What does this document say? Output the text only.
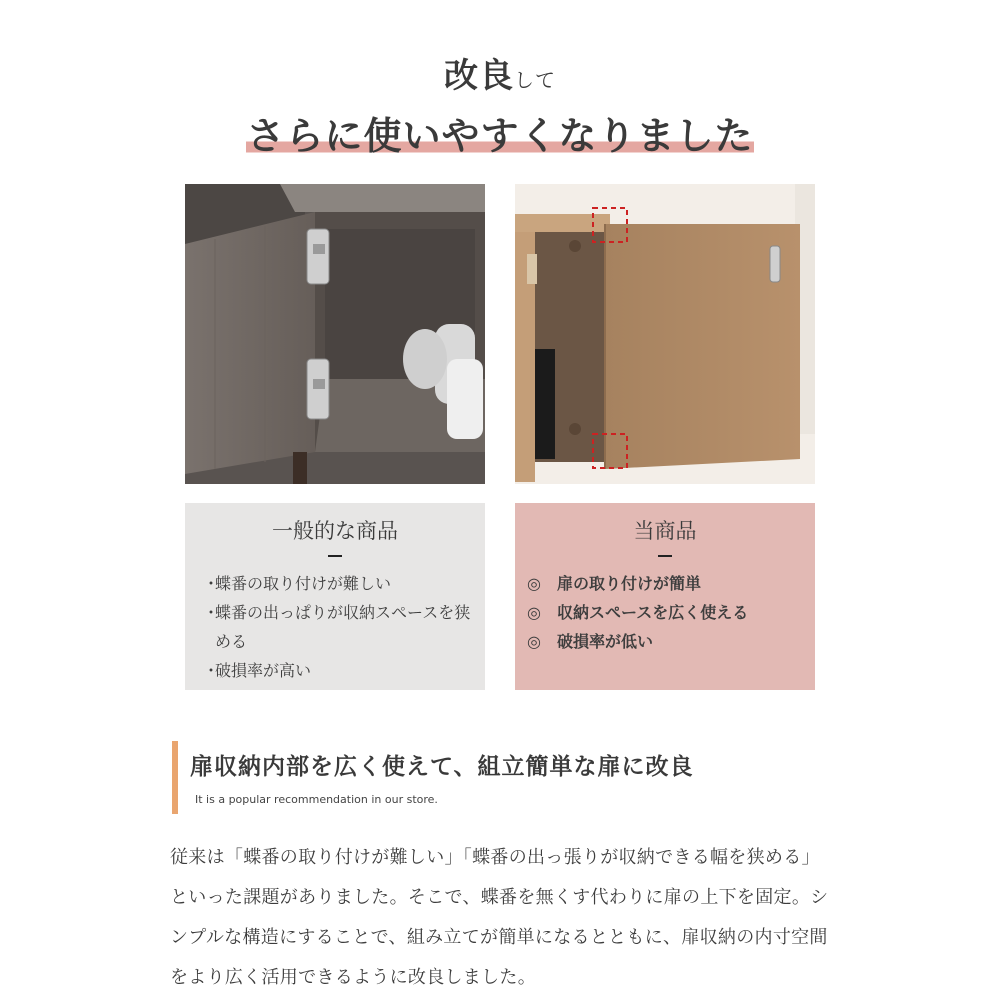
改良して
さらに使いやすくなりました
一般的な商品
・蝶番の取り付けが難しい
・蝶番の出っぱりが収納スペースを狭める
・破損率が高い
当商品
◎ 扉の取り付けが簡単
◎ 収納スペースを広く使える
◎ 破損率が低い
扉収納内部を広く使えて、組立簡単な扉に改良
It is a popular recommendation in our store.
従来は「蝶番の取り付けが難しい」「蝶番の出っ張りが収納できる幅を狭める」といった課題がありました。そこで、蝶番を無くす代わりに扉の上下を固定。シンプルな構造にすることで、組み立てが簡単になるとともに、扉収納の内寸空間をより広く活用できるように改良しました。
